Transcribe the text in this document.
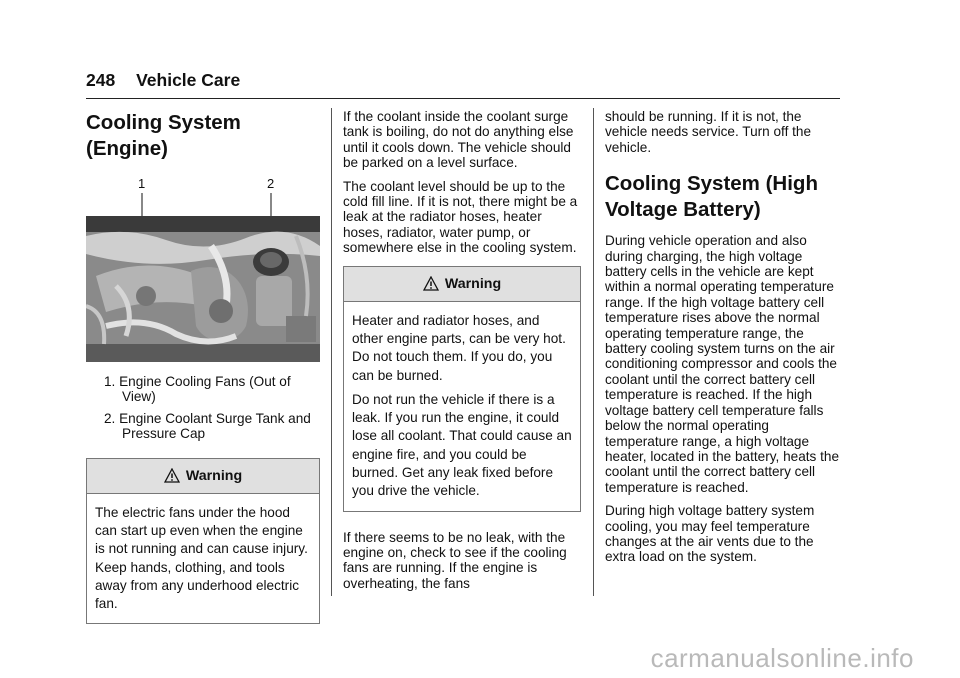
248 Vehicle Care
Cooling System (Engine)
1	2
1. Engine Cooling Fans (Out of View)
2. Engine Coolant Surge Tank and Pressure Cap
Warning

The electric fans under the hood can start up even when the engine is not running and can cause injury. Keep hands, clothing, and tools away from any underhood electric fan.

If the coolant inside the coolant surge tank is boiling, do not do anything else until it cools down. The vehicle should be parked on a level surface.

The coolant level should be up to the cold fill line. If it is not, there might be a leak at the radiator hoses, heater hoses, radiator, water pump, or somewhere else in the cooling system.

Warning

Heater and radiator hoses, and other engine parts, can be very hot. Do not touch them. If you do, you can be burned.

Do not run the vehicle if there is a leak. If you run the engine, it could lose all coolant. That could cause an engine fire, and you could be burned. Get any leak fixed before you drive the vehicle.

If there seems to be no leak, with the engine on, check to see if the cooling fans are running. If the engine is overheating, the fans

should be running. If it is not, the vehicle needs service. Turn off the vehicle.

Cooling System (High Voltage Battery)

During vehicle operation and also during charging, the high voltage battery cells in the vehicle are kept within a normal operating temperature range. If the high voltage battery cell temperature rises above the normal operating temperature range, the battery cooling system turns on the air conditioning compressor and cools the coolant until the correct battery cell temperature is reached. If the high voltage battery cell temperature falls below the normal operating temperature range, a high voltage heater, located in the battery, heats the coolant until the correct battery cell temperature is reached.

During high voltage battery system cooling, you may feel temperature changes at the air vents due to the extra load on the system.

carmanualsonline.info
